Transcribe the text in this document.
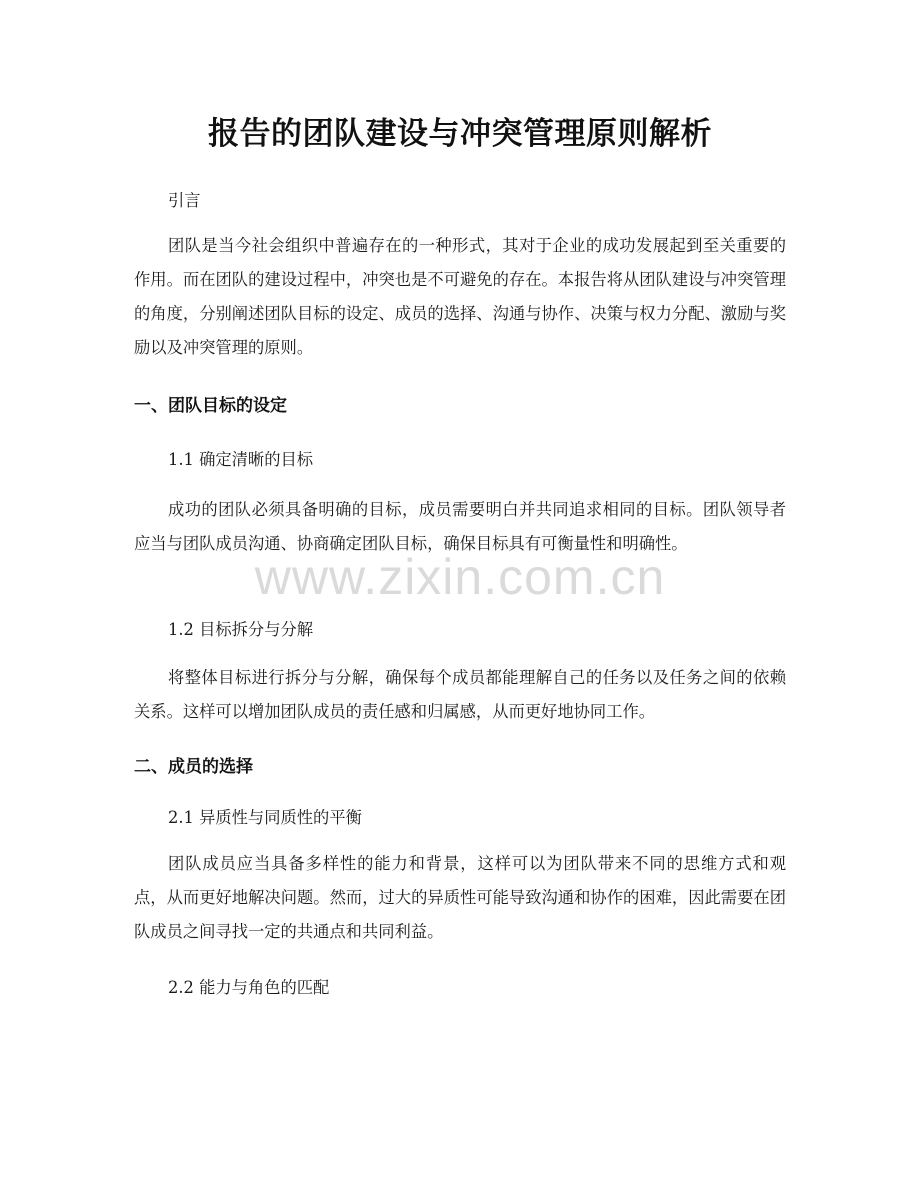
报告的团队建设与冲突管理原则解析

引言

团队是当今社会组织中普遍存在的一种形式，其对于企业的成功发展起到至关重要的作用。而在团队的建设过程中，冲突也是不可避免的存在。本报告将从团队建设与冲突管理的角度，分别阐述团队目标的设定、成员的选择、沟通与协作、决策与权力分配、激励与奖励以及冲突管理的原则。

一、团队目标的设定

1.1 确定清晰的目标

成功的团队必须具备明确的目标，成员需要明白并共同追求相同的目标。团队领导者应当与团队成员沟通、协商确定团队目标，确保目标具有可衡量性和明确性。

1.2 目标拆分与分解

将整体目标进行拆分与分解，确保每个成员都能理解自己的任务以及任务之间的依赖关系。这样可以增加团队成员的责任感和归属感，从而更好地协同工作。

二、成员的选择

2.1 异质性与同质性的平衡

团队成员应当具备多样性的能力和背景，这样可以为团队带来不同的思维方式和观点，从而更好地解决问题。然而，过大的异质性可能导致沟通和协作的困难，因此需要在团队成员之间寻找一定的共通点和共同利益。

2.2 能力与角色的匹配

www.zixin.com.cn
